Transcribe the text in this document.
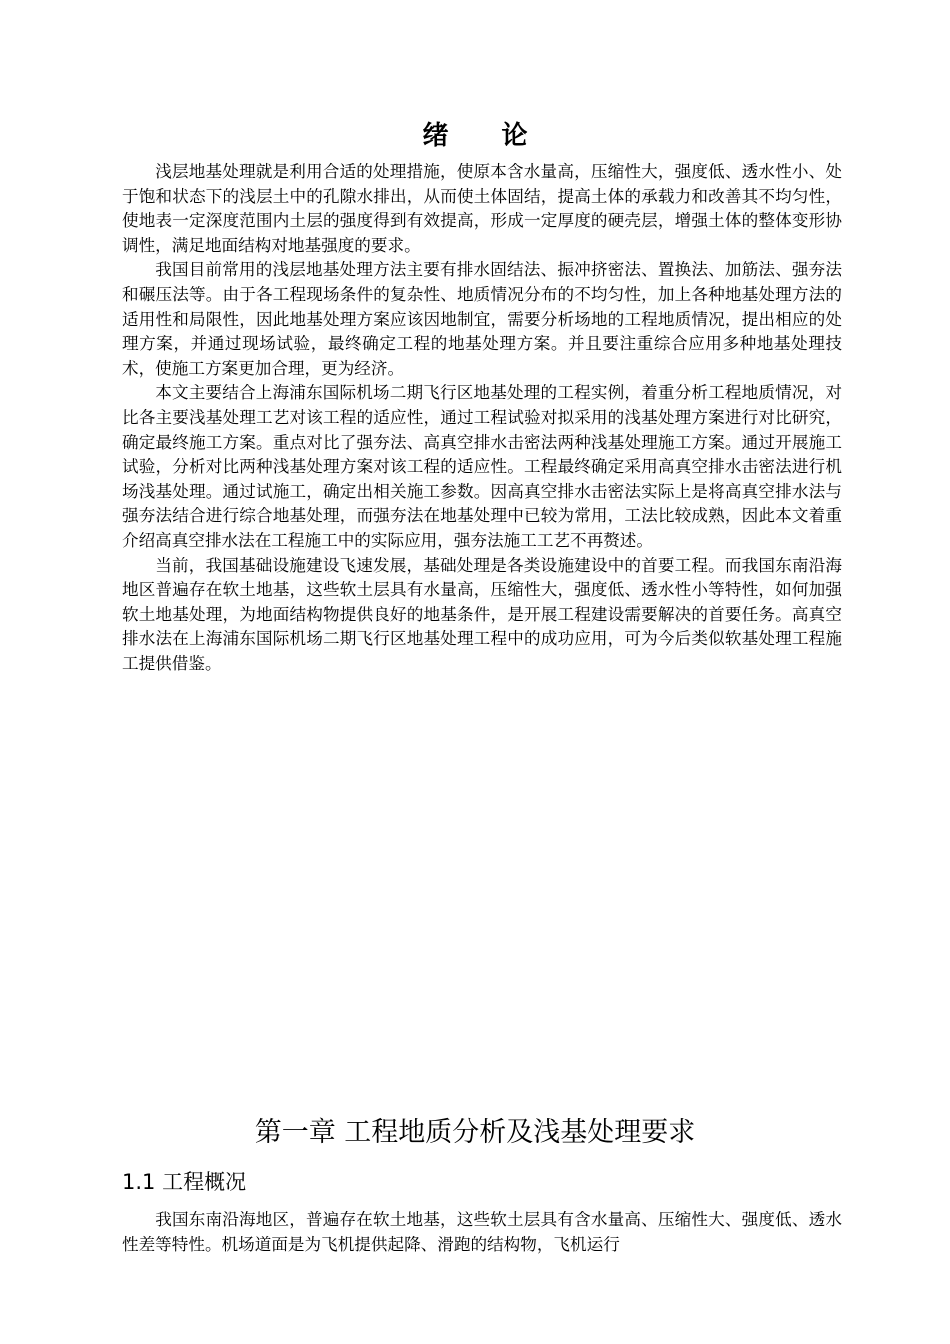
绪 论

浅层地基处理就是利用合适的处理措施，使原本含水量高，压缩性大，强度低、透水性小、处于饱和状态下的浅层土中的孔隙水排出，从而使土体固结，提高土体的承载力和改善其不均匀性，使地表一定深度范围内土层的强度得到有效提高，形成一定厚度的硬壳层，增强土体的整体变形协调性，满足地面结构对地基强度的要求。

我国目前常用的浅层地基处理方法主要有排水固结法、振冲挤密法、置换法、加筋法、强夯法和碾压法等。由于各工程现场条件的复杂性、地质情况分布的不均匀性，加上各种地基处理方法的适用性和局限性，因此地基处理方案应该因地制宜，需要分析场地的工程地质情况，提出相应的处理方案，并通过现场试验，最终确定工程的地基处理方案。并且要注重综合应用多种地基处理技术，使施工方案更加合理，更为经济。

本文主要结合上海浦东国际机场二期飞行区地基处理的工程实例，着重分析工程地质情况，对比各主要浅基处理工艺对该工程的适应性，通过工程试验对拟采用的浅基处理方案进行对比研究，确定最终施工方案。重点对比了强夯法、高真空排水击密法两种浅基处理施工方案。通过开展施工试验，分析对比两种浅基处理方案对该工程的适应性。工程最终确定采用高真空排水击密法进行机场浅基处理。通过试施工，确定出相关施工参数。因高真空排水击密法实际上是将高真空排水法与强夯法结合进行综合地基处理，而强夯法在地基处理中已较为常用，工法比较成熟，因此本文着重介绍高真空排水法在工程施工中的实际应用，强夯法施工工艺不再赘述。

当前，我国基础设施建设飞速发展，基础处理是各类设施建设中的首要工程。而我国东南沿海地区普遍存在软土地基，这些软土层具有水量高，压缩性大，强度低、透水性小等特性，如何加强软土地基处理，为地面结构物提供良好的地基条件，是开展工程建设需要解决的首要任务。高真空排水法在上海浦东国际机场二期飞行区地基处理工程中的成功应用，可为今后类似软基处理工程施工提供借鉴。

第一章 工程地质分析及浅基处理要求
1.1 工程概况

我国东南沿海地区，普遍存在软土地基，这些软土层具有含水量高、压缩性大、强度低、透水性差等特性。机场道面是为飞机提供起降、滑跑的结构物，飞机运行
